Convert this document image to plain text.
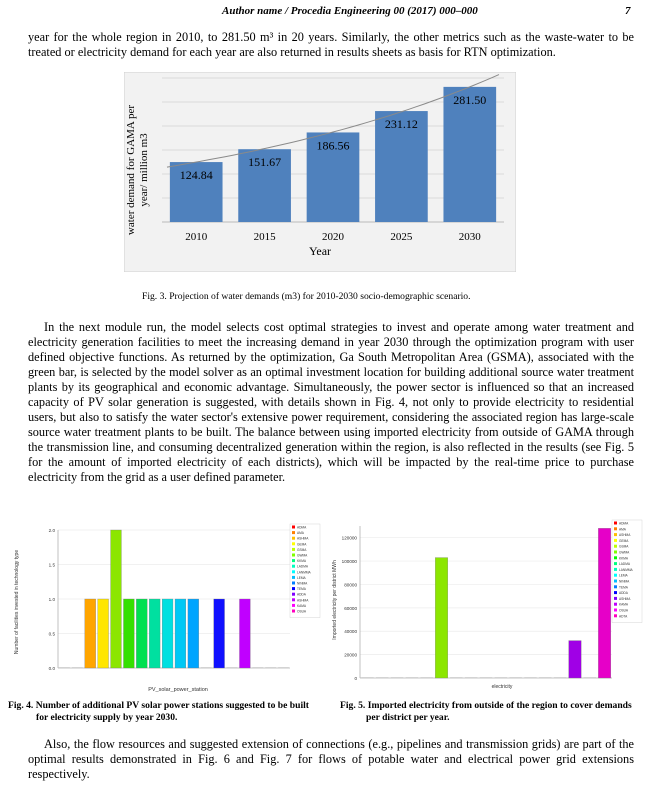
Author name / Procedia Engineering 00 (2017) 000–000	7

year for the whole region in 2010, to 281.50 m³ in 20 years. Similarly, the other metrics such as the waste-water to be treated or electricity demand for each year are also returned in results sheets as basis for RTN optimization.

124.84
151.67
186.56
231.12
281.50
2010	2015	2020	2025	2030
Year
water demand for GAMA per year/ million m3
Fig. 3. Projection of water demands (m3) for 2010-2030 socio-demographic scenario.

In the next module run, the model selects cost optimal strategies to invest and operate among water treatment and electricity generation facilities to meet the increasing demand in year 2030 through the optimization program with user defined objective functions. As returned by the optimization, Ga South Metropolitan Area (GSMA), associated with the green bar, is selected by the model solver as an optimal investment location for building additional source water treatment plants by its geographical and economic advantage. Simultaneously, the power sector is influenced so that an increased capacity of PV solar generation is suggested, with details shown in Fig. 4, not only to provide electricity to residential users, but also to satisfy the water sector's extensive power requirement, considering the associated region has large-scale source water treatment plants to be built. The balance between using imported electricity from outside of GAMA through the transmission line, and consuming decentralized generation within the region, is also reflected in the results (see Fig. 5 for the amount of imported electricity of each districts), which will be impacted by the real-time price to purchase electricity from the grid as a user defined parameter.

0.0
0.5
1.0
1.5
2.0
ADMA
AMA
ASHMA
GEMA
GSMA
GWMA
KKMA
LADMA
LANMMA
LEMA
NINMA
TEMA
ADDA
ASHMA
KAMA
OSUA
PV_solar_power_station
Number of facilities invested in technology type
Fig. 4. Number of additional PV solar power stations suggested to be built
for electricity supply by year 2030.
0
20000
40000
60000
80000
100000
120000
ADMA
AMA
ASHMA
GEMA
GSMA
GWMA
KKMA
LADMA
LANMMA
LEMA
NINMA
TEMA
ADDA
ASHMA
KAMA
OSUA
ADTA
electricity
Imported electricity per district MWh
Fig. 5. Imported electricity from outside of the region to cover demands
per district per year.

Also, the flow resources and suggested extension of connections (e.g., pipelines and transmission grids) are part of the optimal results demonstrated in Fig. 6 and Fig. 7 for flows of potable water and electrical power grid extensions respectively.
